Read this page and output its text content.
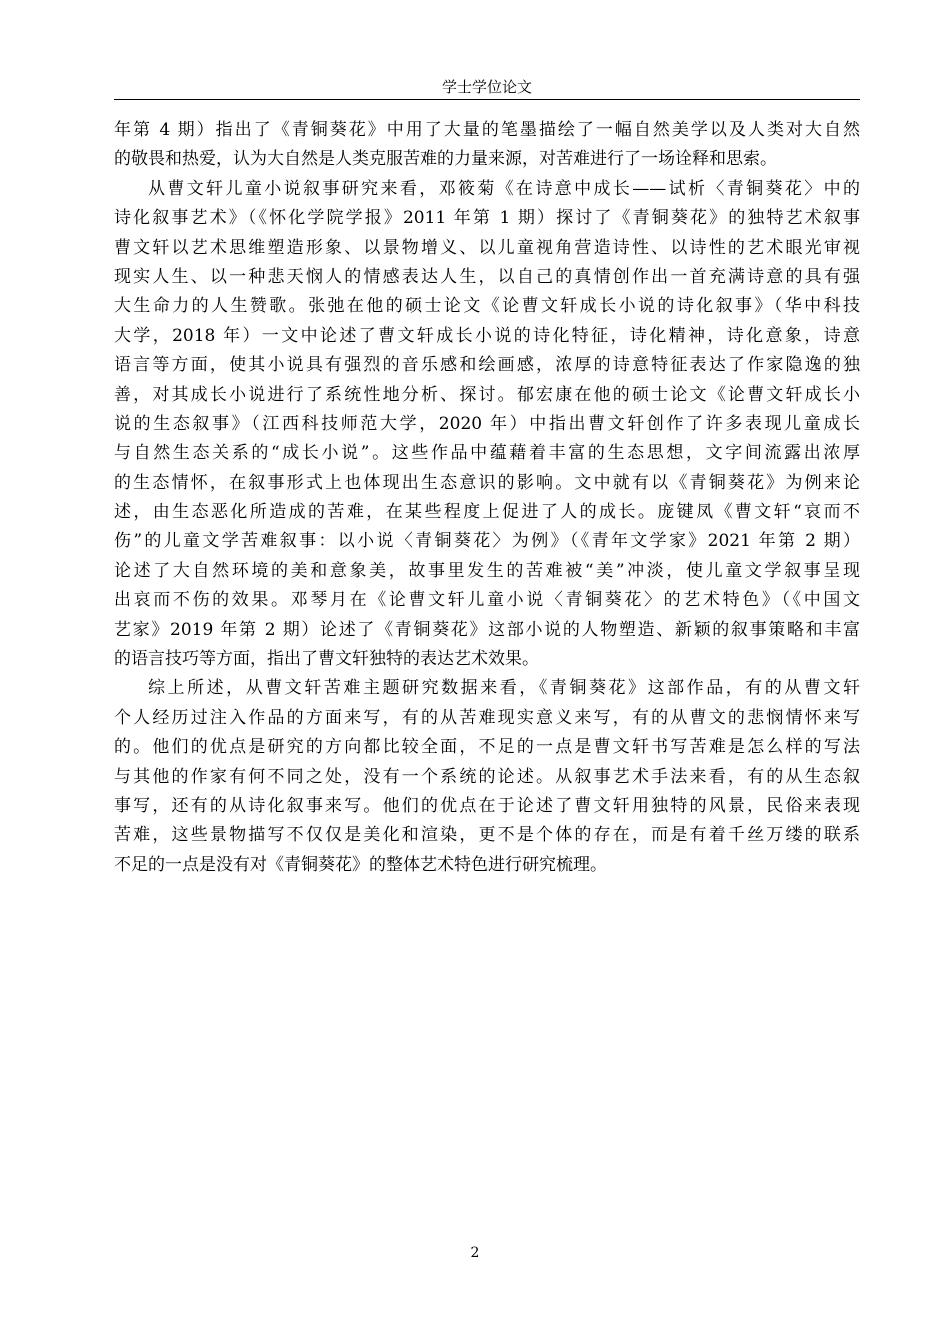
学士学位论文
年第 4 期）指出了《青铜葵花》中用了大量的笔墨描绘了一幅自然美学以及人类对大自然
的敬畏和热爱，认为大自然是人类克服苦难的力量来源，对苦难进行了一场诠释和思索。
从曹文轩儿童小说叙事研究来看，邓筱菊《在诗意中成长——试析〈青铜葵花〉中的
诗化叙事艺术》（《怀化学院学报》2011 年第 1 期）探讨了《青铜葵花》的独特艺术叙事
曹文轩以艺术思维塑造形象、以景物增义、以儿童视角营造诗性、以诗性的艺术眼光审视
现实人生、以一种悲天悯人的情感表达人生，以自己的真情创作出一首充满诗意的具有强
大生命力的人生赞歌。张弛在他的硕士论文《论曹文轩成长小说的诗化叙事》（华中科技
大学，2018 年）一文中论述了曹文轩成长小说的诗化特征，诗化精神，诗化意象，诗意
语言等方面，使其小说具有强烈的音乐感和绘画感，浓厚的诗意特征表达了作家隐逸的独
善，对其成长小说进行了系统性地分析、探讨。郁宏康在他的硕士论文《论曹文轩成长小
说的生态叙事》（江西科技师范大学，2020 年）中指出曹文轩创作了许多表现儿童成长
与自然生态关系的“成长小说”。这些作品中蕴藉着丰富的生态思想，文字间流露出浓厚
的生态情怀，在叙事形式上也体现出生态意识的影响。文中就有以《青铜葵花》为例来论
述，由生态恶化所造成的苦难，在某些程度上促进了人的成长。庞键凤《曹文轩“哀而不
伤”的儿童文学苦难叙事：以小说〈青铜葵花〉为例》（《青年文学家》2021 年第 2 期）
论述了大自然环境的美和意象美，故事里发生的苦难被“美”冲淡，使儿童文学叙事呈现
出哀而不伤的效果。邓琴月在《论曹文轩儿童小说〈青铜葵花〉的艺术特色》（《中国文
艺家》2019 年第 2 期）论述了《青铜葵花》这部小说的人物塑造、新颖的叙事策略和丰富
的语言技巧等方面，指出了曹文轩独特的表达艺术效果。
综上所述，从曹文轩苦难主题研究数据来看，《青铜葵花》这部作品，有的从曹文轩
个人经历过注入作品的方面来写，有的从苦难现实意义来写，有的从曹文的悲悯情怀来写
的。他们的优点是研究的方向都比较全面，不足的一点是曹文轩书写苦难是怎么样的写法
与其他的作家有何不同之处，没有一个系统的论述。从叙事艺术手法来看，有的从生态叙
事写，还有的从诗化叙事来写。他们的优点在于论述了曹文轩用独特的风景，民俗来表现
苦难，这些景物描写不仅仅是美化和渲染，更不是个体的存在，而是有着千丝万缕的联系
不足的一点是没有对《青铜葵花》的整体艺术特色进行研究梳理。
2
